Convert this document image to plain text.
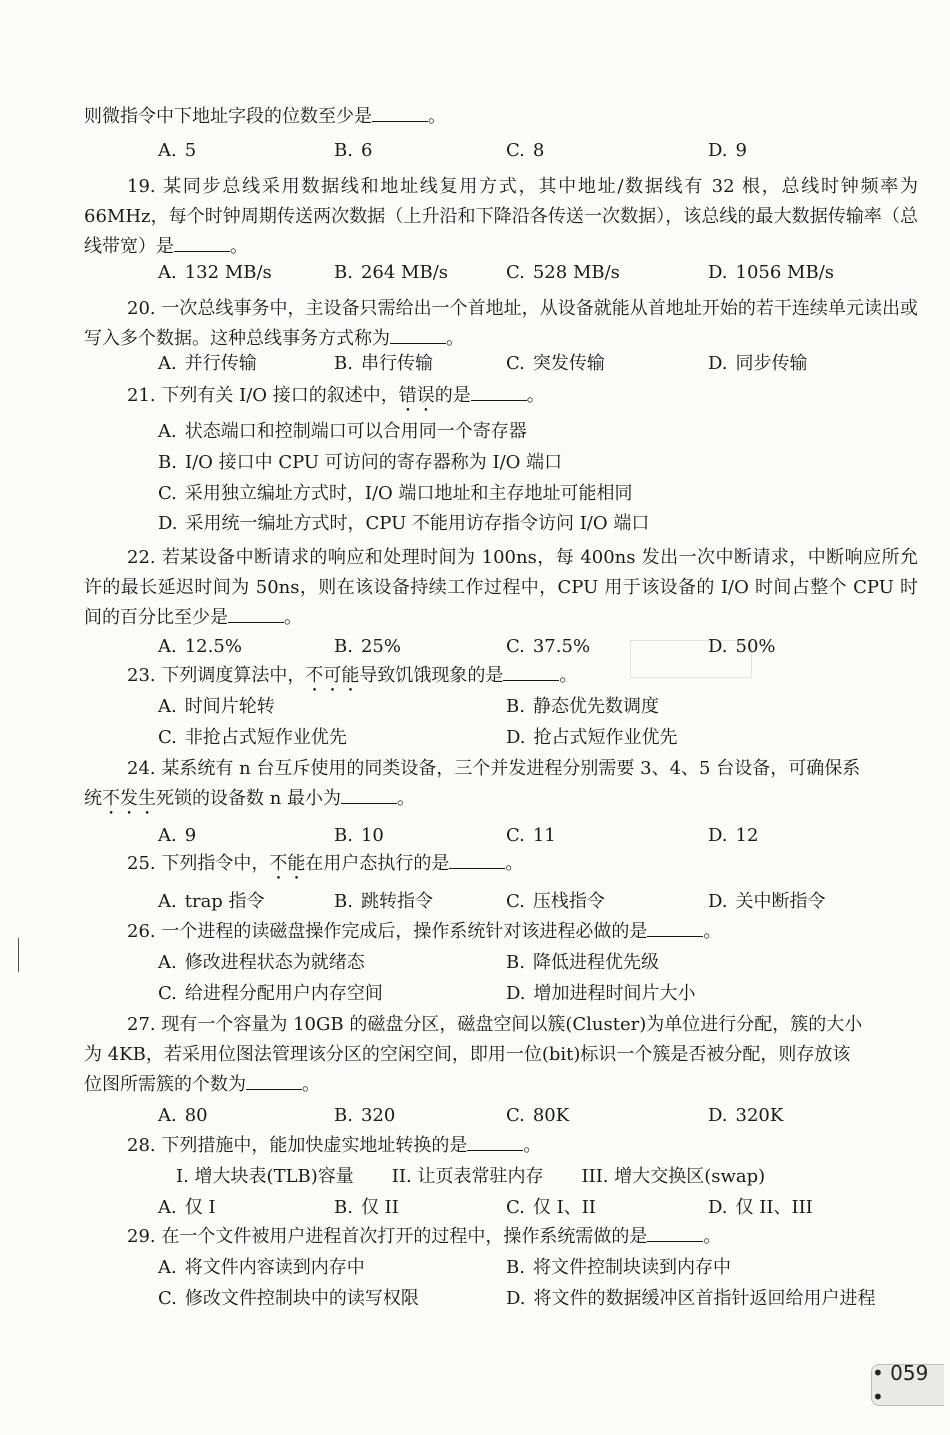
则微指令中下地址字段的位数至少是	。
A. 5	B. 6	C. 8	D. 9
19. 某同步总线采用数据线和地址线复用方式，其中地址/数据线有 32 根，总线时钟频率为 66MHz，每个时钟周期传送两次数据（上升沿和下降沿各传送一次数据），该总线的最大数据传输率（总线带宽）是	。
A. 132 MB/s	B. 264 MB/s	C. 528 MB/s	D. 1056 MB/s
20. 一次总线事务中，主设备只需给出一个首地址，从设备就能从首地址开始的若干连续单元读出或写入多个数据。这种总线事务方式称为	。
A. 并行传输	B. 串行传输	C. 突发传输	D. 同步传输
21. 下列有关 I/O 接口的叙述中，错误的是	。
A. 状态端口和控制端口可以合用同一个寄存器
B. I/O 接口中 CPU 可访问的寄存器称为 I/O 端口
C. 采用独立编址方式时，I/O 端口地址和主存地址可能相同
D. 采用统一编址方式时，CPU 不能用访存指令访问 I/O 端口
22. 若某设备中断请求的响应和处理时间为 100ns，每 400ns 发出一次中断请求，中断响应所允许的最长延迟时间为 50ns，则在该设备持续工作过程中，CPU 用于该设备的 I/O 时间占整个 CPU 时间的百分比至少是	。
A. 12.5%	B. 25%	C. 37.5%	D. 50%
23. 下列调度算法中，不可能导致饥饿现象的是	。
A. 时间片轮转	B. 静态优先数调度
C. 非抢占式短作业优先	D. 抢占式短作业优先
24. 某系统有 n 台互斥使用的同类设备，三个并发进程分别需要 3、4、5 台设备，可确保系
统不发生死锁的设备数 n 最小为	。
A. 9	B. 10	C. 11	D. 12
25. 下列指令中，不能在用户态执行的是	。
A. trap 指令	B. 跳转指令	C. 压栈指令	D. 关中断指令
26. 一个进程的读磁盘操作完成后，操作系统针对该进程必做的是	。
A. 修改进程状态为就绪态	B. 降低进程优先级
C. 给进程分配用户内存空间	D. 增加进程时间片大小
27. 现有一个容量为 10GB 的磁盘分区，磁盘空间以簇(Cluster)为单位进行分配，簇的大小
为 4KB，若采用位图法管理该分区的空闲空间，即用一位(bit)标识一个簇是否被分配，则存放该
位图所需簇的个数为	。
A. 80	B. 320	C. 80K	D. 320K
28. 下列措施中，能加快虚实地址转换的是	。
I. 增大块表(TLB)容量 II. 让页表常驻内存 III. 增大交换区(swap)
A. 仅 I	B. 仅 II	C. 仅 I、II	D. 仅 II、III
29. 在一个文件被用户进程首次打开的过程中，操作系统需做的是	。
A. 将文件内容读到内存中	B. 将文件控制块读到内存中
C. 修改文件控制块中的读写权限	D. 将文件的数据缓冲区首指针返回给用户进程
• 059 •
